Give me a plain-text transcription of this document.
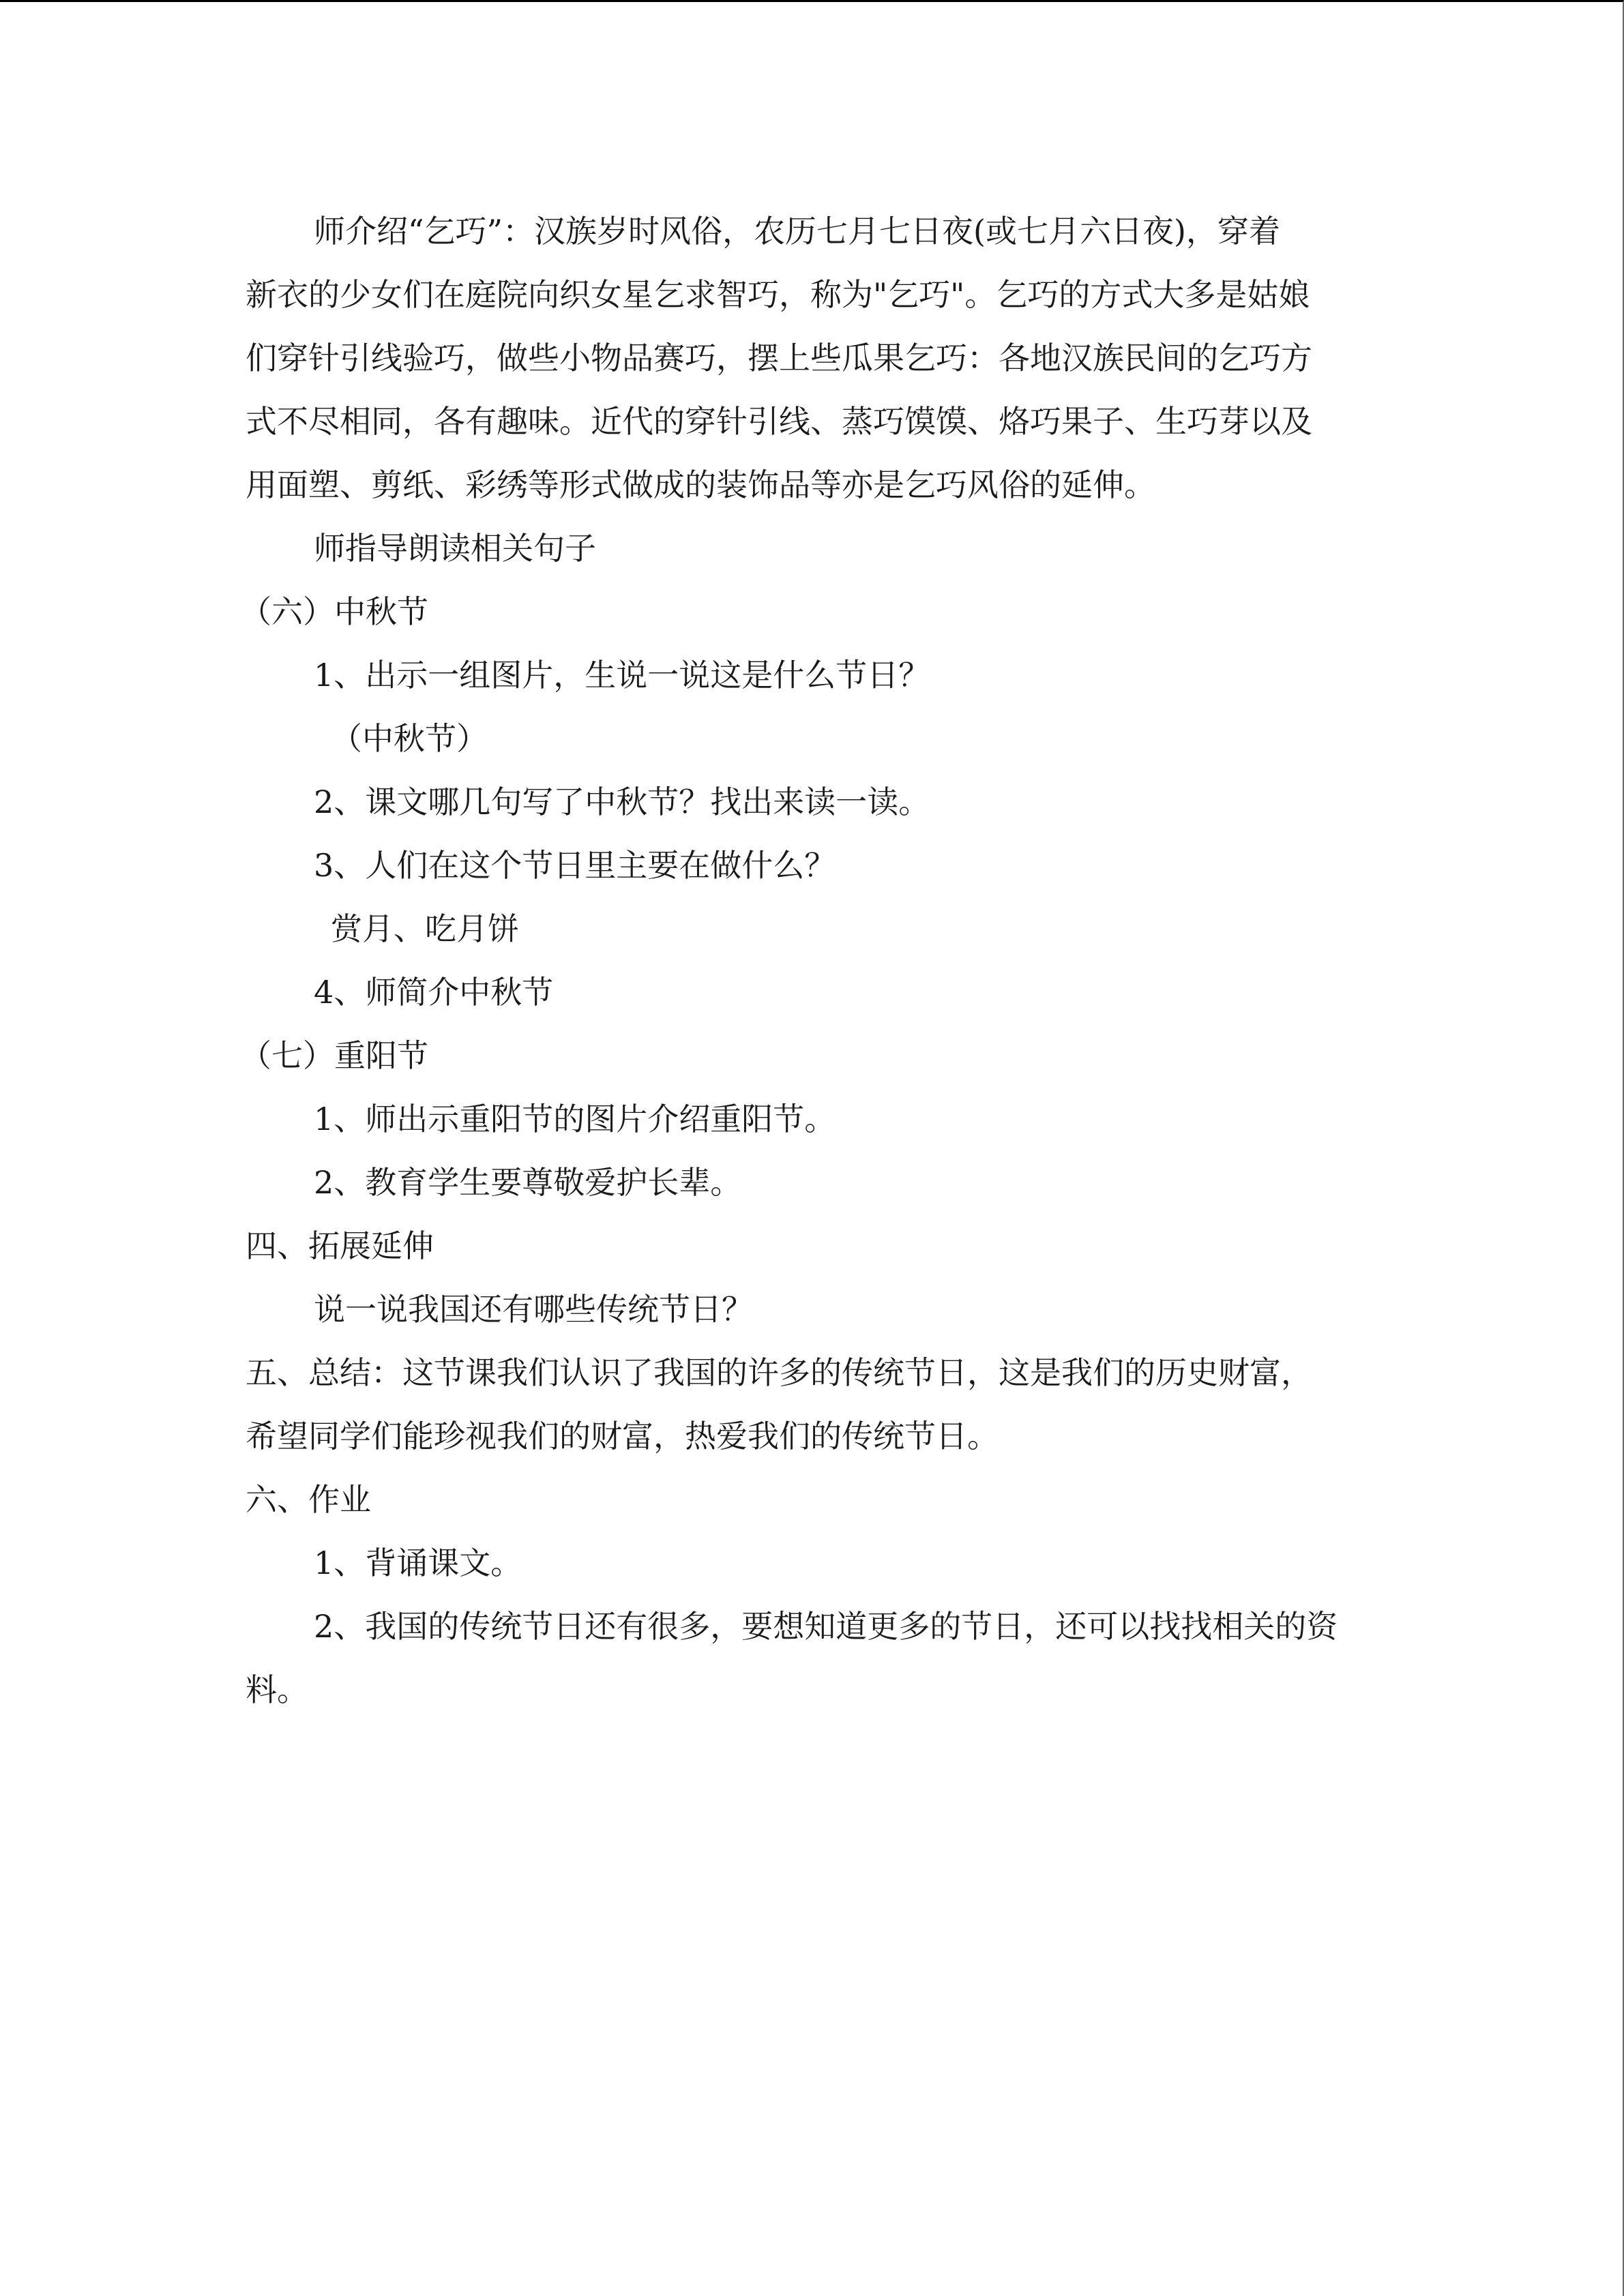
师介绍“乞巧”：汉族岁时风俗，农历七月七日夜(或七月六日夜)，穿着

新衣的少女们在庭院向织女星乞求智巧，称为"乞巧"。乞巧的方式大多是姑娘

们穿针引线验巧，做些小物品赛巧，摆上些瓜果乞巧：各地汉族民间的乞巧方

式不尽相同，各有趣味。近代的穿针引线、蒸巧馍馍、烙巧果子、生巧芽以及

用面塑、剪纸、彩绣等形式做成的装饰品等亦是乞巧风俗的延伸。

师指导朗读相关句子

（六）中秋节

1、出示一组图片，生说一说这是什么节日？

（中秋节）

2、课文哪几句写了中秋节？找出来读一读。

3、人们在这个节日里主要在做什么？

赏月、吃月饼

4、师简介中秋节

（七）重阳节

1、师出示重阳节的图片介绍重阳节。

2、教育学生要尊敬爱护长辈。

四、拓展延伸

说一说我国还有哪些传统节日？

五、总结：这节课我们认识了我国的许多的传统节日，这是我们的历史财富，

希望同学们能珍视我们的财富，热爱我们的传统节日。

六、作业

1、背诵课文。

2、我国的传统节日还有很多，要想知道更多的节日，还可以找找相关的资

料。
